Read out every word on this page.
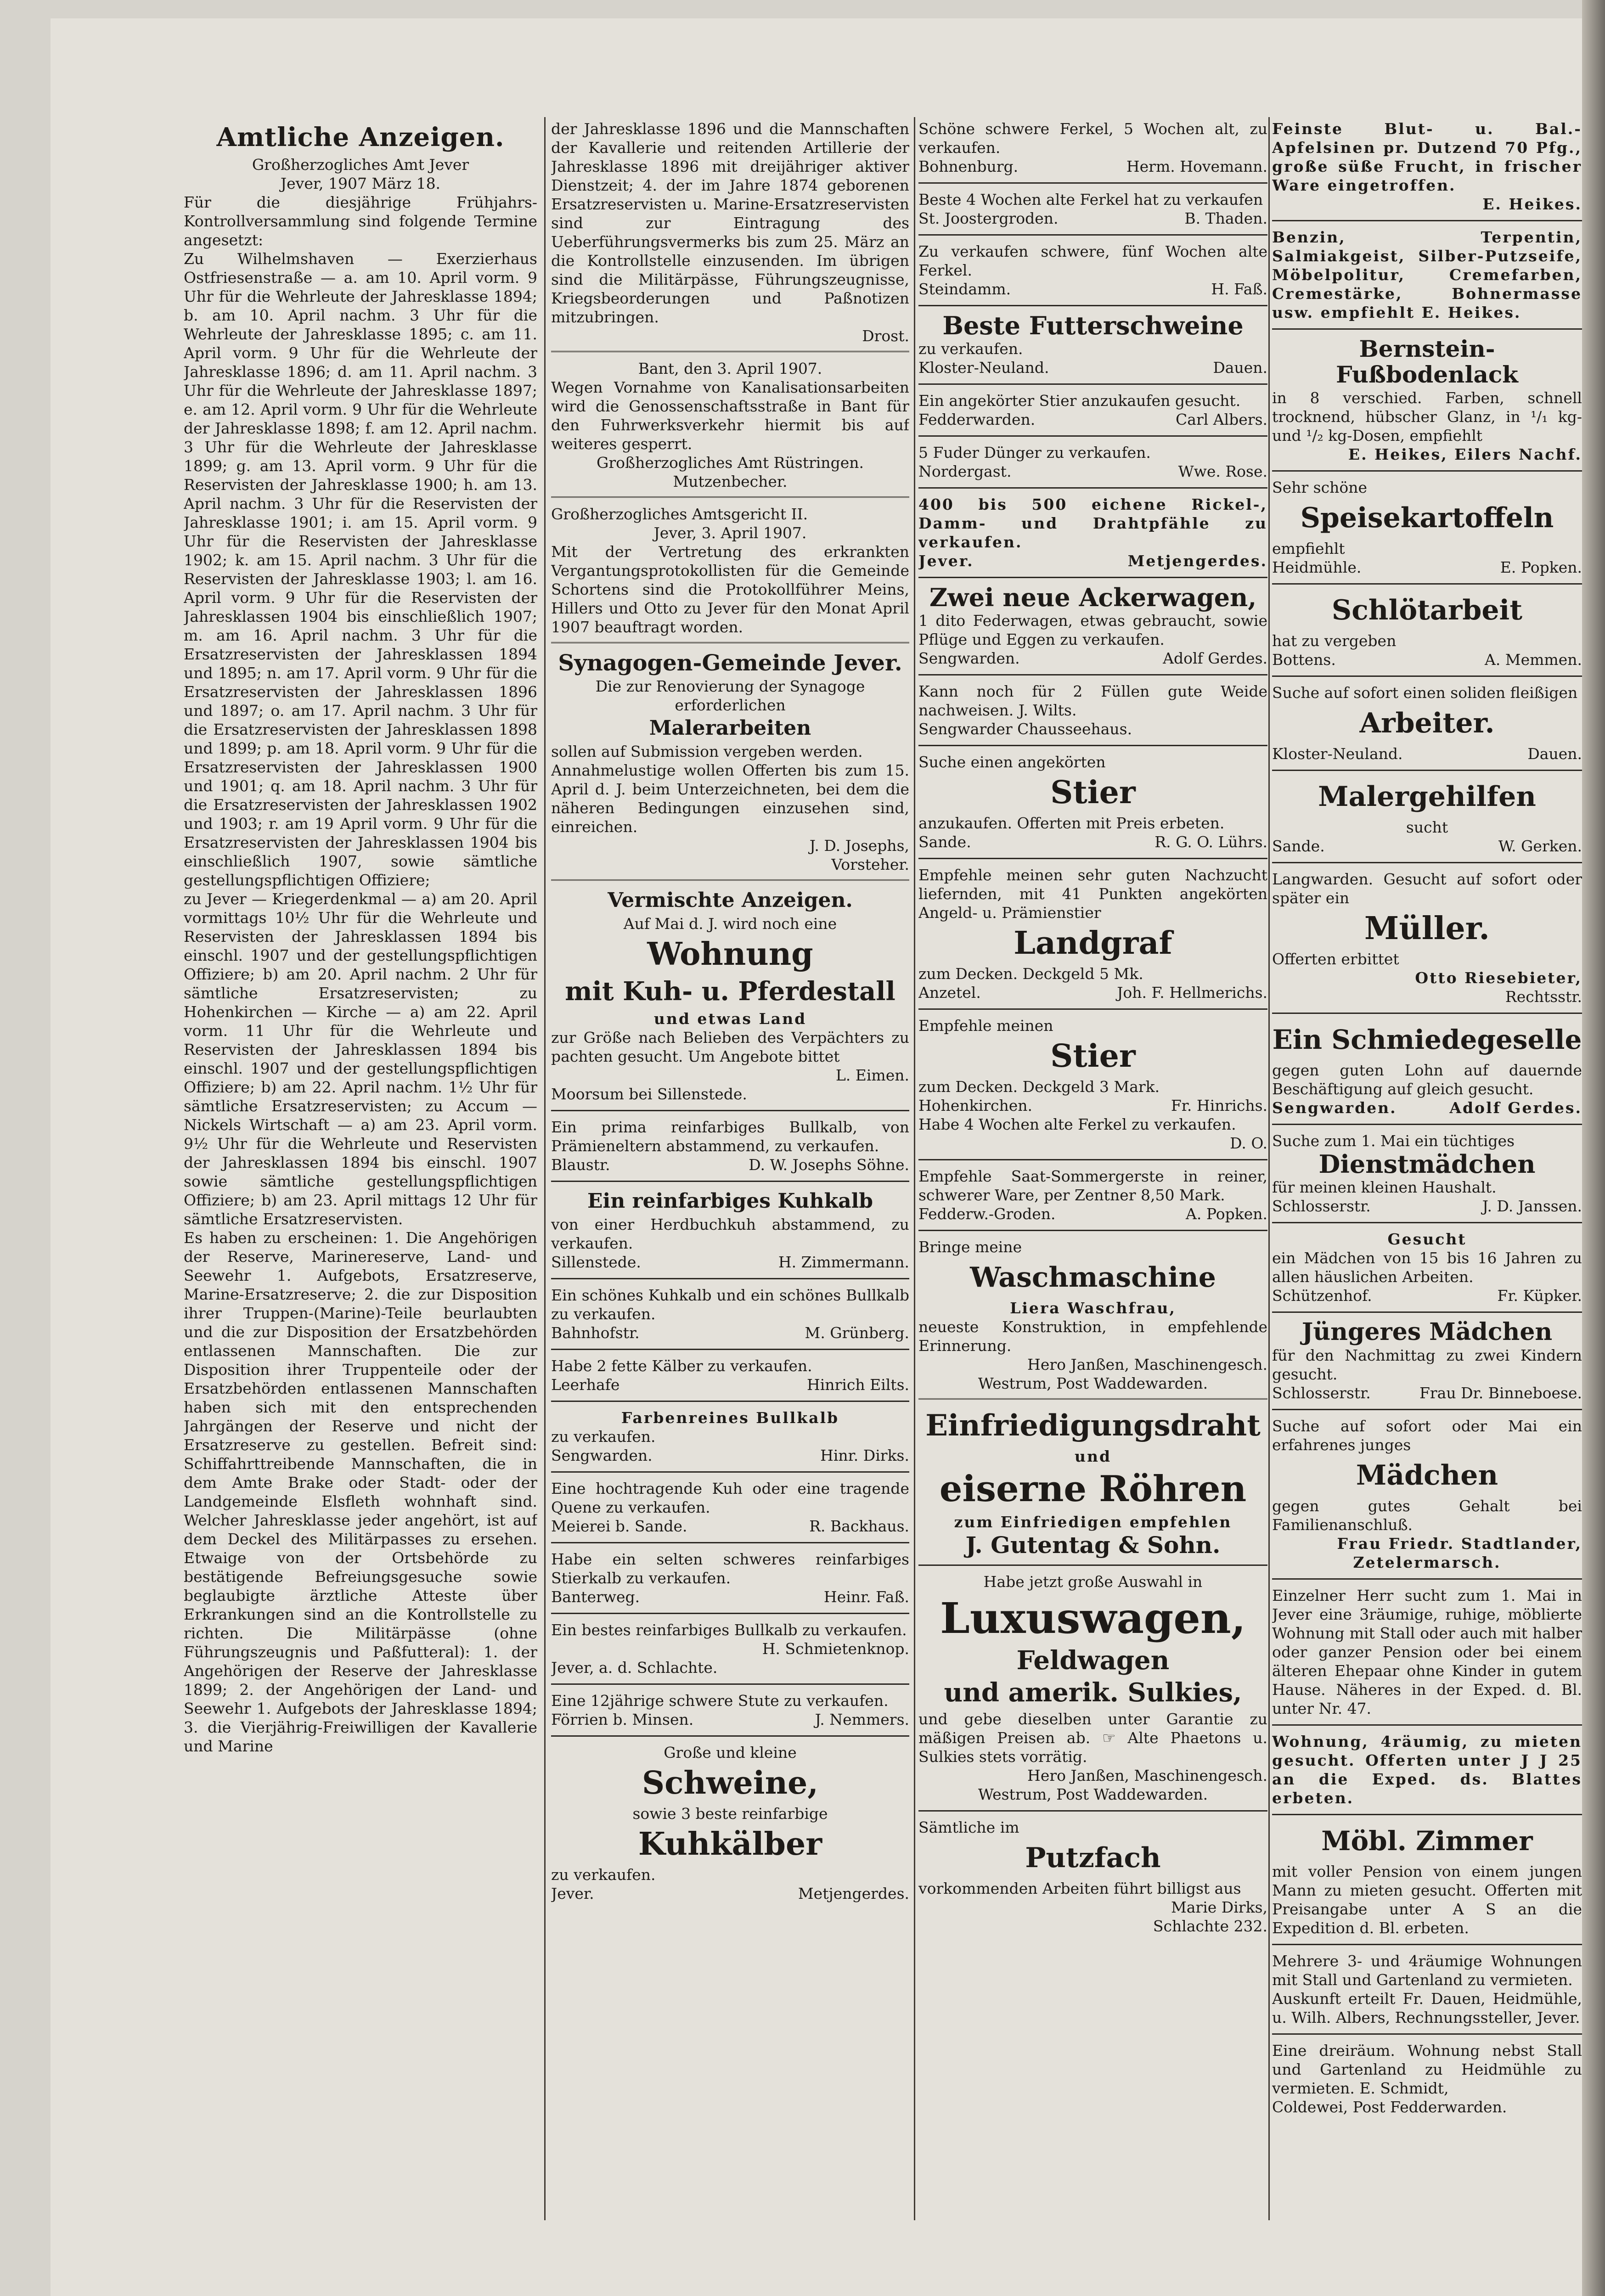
Amtliche Anzeigen.

Großherzogliches Amt Jever

Jever, 1907 März 18.

Für die diesjährige Frühjahrs-Kontrollversammlung sind folgende Termine angesetzt:

Zu Wilhelmshaven — Exerzierhaus Ostfriesenstraße — a. am 10. April vorm. 9 Uhr für die Wehrleute der Jahresklasse 1894; b. am 10. April nachm. 3 Uhr für die Wehrleute der Jahresklasse 1895; c. am 11. April vorm. 9 Uhr für die Wehrleute der Jahresklasse 1896; d. am 11. April nachm. 3 Uhr für die Wehrleute der Jahresklasse 1897; e. am 12. April vorm. 9 Uhr für die Wehrleute der Jahresklasse 1898; f. am 12. April nachm. 3 Uhr für die Wehrleute der Jahresklasse 1899; g. am 13. April vorm. 9 Uhr für die Reservisten der Jahresklasse 1900; h. am 13. April nachm. 3 Uhr für die Reservisten der Jahresklasse 1901; i. am 15. April vorm. 9 Uhr für die Reservisten der Jahresklasse 1902; k. am 15. April nachm. 3 Uhr für die Reservisten der Jahresklasse 1903; l. am 16. April vorm. 9 Uhr für die Reservisten der Jahresklassen 1904 bis einschließlich 1907; m. am 16. April nachm. 3 Uhr für die Ersatzreservisten der Jahresklassen 1894 und 1895; n. am 17. April vorm. 9 Uhr für die Ersatzreservisten der Jahresklassen 1896 und 1897; o. am 17. April nachm. 3 Uhr für die Ersatzreservisten der Jahresklassen 1898 und 1899; p. am 18. April vorm. 9 Uhr für die Ersatzreservisten der Jahresklassen 1900 und 1901; q. am 18. April nachm. 3 Uhr für die Ersatzreservisten der Jahresklassen 1902 und 1903; r. am 19 April vorm. 9 Uhr für die Ersatzreservisten der Jahresklassen 1904 bis einschließlich 1907, sowie sämtliche gestellungspflichtigen Offiziere;

zu Jever — Kriegerdenkmal — a) am 20. April vormittags 10½ Uhr für die Wehrleute und Reservisten der Jahresklassen 1894 bis einschl. 1907 und der gestellungspflichtigen Offiziere; b) am 20. April nachm. 2 Uhr für sämtliche Ersatzreservisten; zu Hohenkirchen — Kirche — a) am 22. April vorm. 11 Uhr für die Wehrleute und Reservisten der Jahresklassen 1894 bis einschl. 1907 und der gestellungspflichtigen Offiziere; b) am 22. April nachm. 1½ Uhr für sämtliche Ersatzreservisten; zu Accum — Nickels Wirtschaft — a) am 23. April vorm. 9½ Uhr für die Wehrleute und Reservisten der Jahresklassen 1894 bis einschl. 1907 sowie sämtliche gestellungspflichtigen Offiziere; b) am 23. April mittags 12 Uhr für sämtliche Ersatzreservisten.

Es haben zu erscheinen: 1. Die Angehörigen der Reserve, Marinereserve, Land- und Seewehr 1. Aufgebots, Ersatzreserve, Marine-Ersatzreserve; 2. die zur Disposition ihrer Truppen-(Marine)-Teile beurlaubten und die zur Disposition der Ersatzbehörden entlassenen Mannschaften. Die zur Disposition ihrer Truppenteile oder der Ersatzbehörden entlassenen Mannschaften haben sich mit den entsprechenden Jahrgängen der Reserve und nicht der Ersatzreserve zu gestellen. Befreit sind: Schiffahrttreibende Mannschaften, die in dem Amte Brake oder Stadt- oder der Landgemeinde Elsfleth wohnhaft sind. Welcher Jahresklasse jeder angehört, ist auf dem Deckel des Militärpasses zu ersehen. Etwaige von der Ortsbehörde zu bestätigende Befreiungsgesuche sowie beglaubigte ärztliche Atteste über Erkrankungen sind an die Kontrollstelle zu richten. Die Militärpässe (ohne Führungszeugnis und Paßfutteral): 1. der Angehörigen der Reserve der Jahresklasse 1899; 2. der Angehörigen der Land- und Seewehr 1. Aufgebots der Jahresklasse 1894; 3. die Vierjährig-Freiwilligen der Kavallerie und Marine

der Jahresklasse 1896 und die Mannschaften der Kavallerie und reitenden Artillerie der Jahresklasse 1896 mit dreijähriger aktiver Dienstzeit; 4. der im Jahre 1874 geborenen Ersatzreservisten u. Marine-Ersatzreservisten sind zur Eintragung des Ueberführungsvermerks bis zum 25. März an die Kontrollstelle einzusenden. Im übrigen sind die Militärpässe, Führungszeugnisse, Kriegsbeorderungen und Paßnotizen mitzubringen.

Drost.

Bant, den 3. April 1907.

Wegen Vornahme von Kanalisationsarbeiten wird die Genossenschaftsstraße in Bant für den Fuhrwerksverkehr hiermit bis auf weiteres gesperrt.

Großherzogliches Amt Rüstringen.

Mutzenbecher.

Großherzogliches Amtsgericht II.

Jever, 3. April 1907.

Mit der Vertretung des erkrankten Vergantungsprotokollisten für die Gemeinde Schortens sind die Protokollführer Meins, Hillers und Otto zu Jever für den Monat April 1907 beauftragt worden.

Synagogen-Gemeinde Jever.

Die zur Renovierung der Synagoge erforderlichen

Malerarbeiten

sollen auf Submission vergeben werden.

Annahmelustige wollen Offerten bis zum 15. April d. J. beim Unterzeichneten, bei dem die näheren Bedingungen einzusehen sind, einreichen.

J. D. Josephs,

Vorsteher.

Vermischte Anzeigen.

Auf Mai d. J. wird noch eine

Wohnung
mit Kuh- u. Pferdestall

und etwas Land

zur Größe nach Belieben des Verpächters zu pachten gesucht. Um Angebote bittet

L. Eimen.

Moorsum bei Sillenstede.

Ein prima reinfarbiges Bullkalb, von Prämieneltern abstammend, zu verkaufen.

Blaustr.	D. W. Josephs Söhne.
Ein reinfarbiges Kuhkalb

von einer Herdbuchkuh abstammend, zu verkaufen.

Sillenstede.	H. Zimmermann.

Ein schönes Kuhkalb und ein schönes Bullkalb zu verkaufen.

Bahnhofstr.	M. Grünberg.

Habe 2 fette Kälber zu verkaufen.

Leerhafe	Hinrich Eilts.

Farbenreines Bullkalb

zu verkaufen.

Sengwarden.	Hinr. Dirks.

Eine hochtragende Kuh oder eine tragende Quene zu verkaufen.

Meierei b. Sande.	R. Backhaus.

Habe ein selten schweres reinfarbiges Stierkalb zu verkaufen.

Banterweg.	Heinr. Faß.

Ein bestes reinfarbiges Bullkalb zu verkaufen.

H. Schmietenknop.

Jever, a. d. Schlachte.

Eine 12jährige schwere Stute zu verkaufen.

Förrien b. Minsen.	J. Nemmers.

Große und kleine

Schweine,

sowie 3 beste reinfarbige

Kuhkälber

zu verkaufen.

Jever.	Metjengerdes.

Schöne schwere Ferkel, 5 Wochen alt, zu verkaufen.

Bohnenburg.	Herm. Hovemann.

Beste 4 Wochen alte Ferkel hat zu verkaufen

St. Joostergroden.	B. Thaden.

Zu verkaufen schwere, fünf Wochen alte Ferkel.

Steindamm.	H. Faß.
Beste Futterschweine

zu verkaufen.

Kloster-Neuland.	Dauen.

Ein angekörter Stier anzukaufen gesucht.

Fedderwarden.	Carl Albers.

5 Fuder Dünger zu verkaufen.

Nordergast.	Wwe. Rose.

400 bis 500 eichene Rickel-, Damm- und Drahtpfähle zu verkaufen.

Jever.	Metjengerdes.
Zwei neue Ackerwagen,

1 dito Federwagen, etwas gebraucht, sowie Pflüge und Eggen zu verkaufen.

Sengwarden.	Adolf Gerdes.

Kann noch für 2 Füllen gute Weide nachweisen. J. Wilts.

Sengwarder Chausseehaus.

Suche einen angekörten

Stier

anzukaufen. Offerten mit Preis erbeten.

Sande.	R. G. O. Lührs.

Empfehle meinen sehr guten Nachzucht liefernden, mit 41 Punkten angekörten Angeld- u. Prämienstier

Landgraf

zum Decken. Deckgeld 5 Mk.

Anzetel.	Joh. F. Hellmerichs.

Empfehle meinen

Stier

zum Decken. Deckgeld 3 Mark.

Hohenkirchen.	Fr. Hinrichs.

Habe 4 Wochen alte Ferkel zu verkaufen.

D. O.

Empfehle Saat-Sommergerste in reiner, schwerer Ware, per Zentner 8,50 Mark.

Fedderw.-Groden.	A. Popken.

Bringe meine

Waschmaschine

Liera Waschfrau,

neueste Konstruktion, in empfehlende Erinnerung.

Hero Janßen, Maschinengesch.

Westrum, Post Waddewarden.

Einfriedigungsdraht

und

eiserne Röhren

zum Einfriedigen empfehlen

J. Gutentag & Sohn.

Habe jetzt große Auswahl in

Luxuswagen,
Feldwagen
und amerik. Sulkies,

und gebe dieselben unter Garantie zu mäßigen Preisen ab. ☞ Alte Phaetons u. Sulkies stets vorrätig.

Hero Janßen, Maschinengesch.

Westrum, Post Waddewarden.

Sämtliche im

Putzfach

vorkommenden Arbeiten führt billigst aus

Marie Dirks,

Schlachte 232.

Feinste Blut- u. Bal.-Apfelsinen pr. Dutzend 70 Pfg., große süße Frucht, in frischer Ware eingetroffen.

E. Heikes.

Benzin, Terpentin, Salmiakgeist, Silber-Putzseife, Möbelpolitur, Cremefarben, Cremestärke, Bohnermasse usw. empfiehlt E. Heikes.

Bernstein-Fußbodenlack

in 8 verschied. Farben, schnell trocknend, hübscher Glanz, in ¹/₁ kg- und ¹/₂ kg-Dosen, empfiehlt

E. Heikes, Eilers Nachf.

Sehr schöne

Speisekartoffeln

empfiehlt

Heidmühle.	E. Popken.
Schlötarbeit

hat zu vergeben

Bottens.	A. Memmen.

Suche auf sofort einen soliden fleißigen

Arbeiter.
Kloster-Neuland.	Dauen.
Malergehilfen

sucht

Sande.	W. Gerken.

Langwarden. Gesucht auf sofort oder später ein

Müller.

Offerten erbittet

Otto Riesebieter,

Rechtsstr.

Ein Schmiedegeselle

gegen guten Lohn auf dauernde Beschäftigung auf gleich gesucht.

Sengwarden.	Adolf Gerdes.

Suche zum 1. Mai ein tüchtiges

Dienstmädchen

für meinen kleinen Haushalt.

Schlosserstr.	J. D. Janssen.

Gesucht

ein Mädchen von 15 bis 16 Jahren zu allen häuslichen Arbeiten.

Schützenhof.	Fr. Küpker.
Jüngeres Mädchen

für den Nachmittag zu zwei Kindern gesucht.

Schlosserstr.	Frau Dr. Binneboese.

Suche auf sofort oder Mai ein erfahrenes junges

Mädchen

gegen gutes Gehalt bei Familienanschluß.

Frau Friedr. Stadtlander,

Zetelermarsch.

Einzelner Herr sucht zum 1. Mai in Jever eine 3räumige, ruhige, möblierte Wohnung mit Stall oder auch mit halber oder ganzer Pension oder bei einem älteren Ehepaar ohne Kinder in gutem Hause. Näheres in der Exped. d. Bl. unter Nr. 47.

Wohnung, 4räumig, zu mieten gesucht. Offerten unter J J 25 an die Exped. ds. Blattes erbeten.

Möbl. Zimmer

mit voller Pension von einem jungen Mann zu mieten gesucht. Offerten mit Preisangabe unter A S an die Expedition d. Bl. erbeten.

Mehrere 3- und 4räumige Wohnungen mit Stall und Gartenland zu vermieten.

Auskunft erteilt Fr. Dauen, Heidmühle, u. Wilh. Albers, Rechnungssteller, Jever.

Eine dreiräum. Wohnung nebst Stall und Gartenland zu Heidmühle zu vermieten. E. Schmidt,

Coldewei, Post Fedderwarden.
